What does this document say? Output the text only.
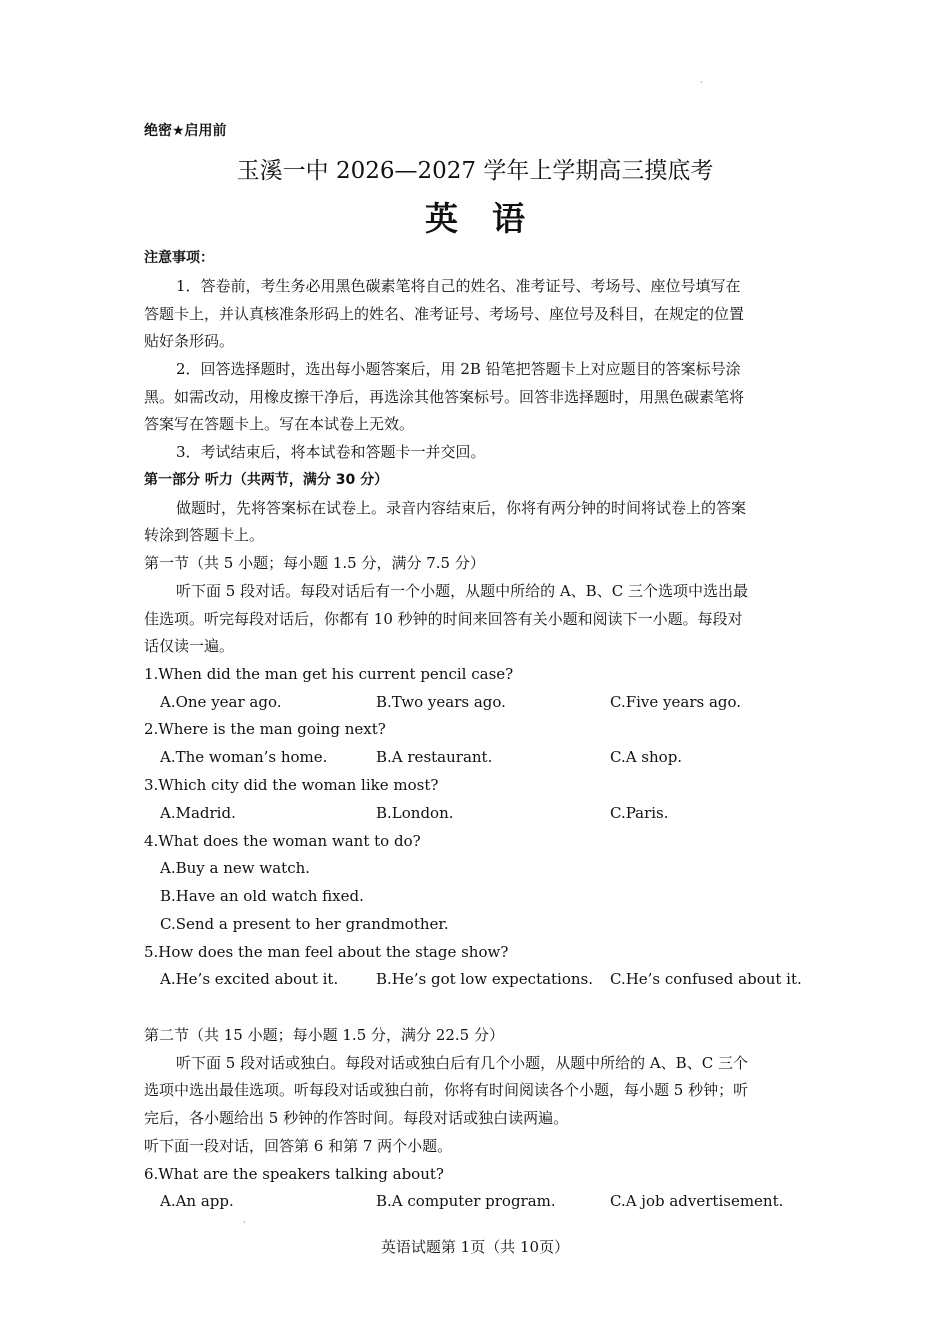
·
绝密★启用前
玉溪一中 2026—2027 学年上学期高三摸底考
英语
注意事项：
1．答卷前，考生务必用黑色碳素笔将自己的姓名、准考证号、考场号、座位号填写在
答题卡上，并认真核准条形码上的姓名、准考证号、考场号、座位号及科目，在规定的位置
贴好条形码。
2．回答选择题时，选出每小题答案后，用 2B 铅笔把答题卡上对应题目的答案标号涂
黑。如需改动，用橡皮擦干净后，再选涂其他答案标号。回答非选择题时，用黑色碳素笔将
答案写在答题卡上。写在本试卷上无效。
3．考试结束后，将本试卷和答题卡一并交回。
第一部分 听力（共两节，满分 30 分）
做题时，先将答案标在试卷上。录音内容结束后，你将有两分钟的时间将试卷上的答案
转涂到答题卡上。
第一节（共 5 小题；每小题 1.5 分，满分 7.5 分）
听下面 5 段对话。每段对话后有一个小题，从题中所给的 A、B、C 三个选项中选出最
佳选项。听完每段对话后，你都有 10 秒钟的时间来回答有关小题和阅读下一小题。每段对
话仅读一遍。
1.When did the man get his current pencil case?
A.One year ago.	B.Two years ago.	C.Five years ago.
2.Where is the man going next?
A.The woman’s home.	B.A restaurant.	C.A shop.
3.Which city did the woman like most?
A.Madrid.	B.London.	C.Paris.
4.What does the woman want to do?
A.Buy a new watch.
B.Have an old watch fixed.
C.Send a present to her grandmother.
5.How does the man feel about the stage show?
A.He’s excited about it.	B.He’s got low expectations. C.He’s confused about it.
第二节（共 15 小题；每小题 1.5 分，满分 22.5 分）
听下面 5 段对话或独白。每段对话或独白后有几个小题，从题中所给的 A、B、C 三个
选项中选出最佳选项。听每段对话或独白前，你将有时间阅读各个小题，每小题 5 秒钟；听
完后，各小题给出 5 秒钟的作答时间。每段对话或独白读两遍。
听下面一段对话，回答第 6 和第 7 两个小题。
6.What are the speakers talking about?
A.An app.	B.A computer program.	C.A job advertisement.
·
英语试题第 1页（共 10页）
